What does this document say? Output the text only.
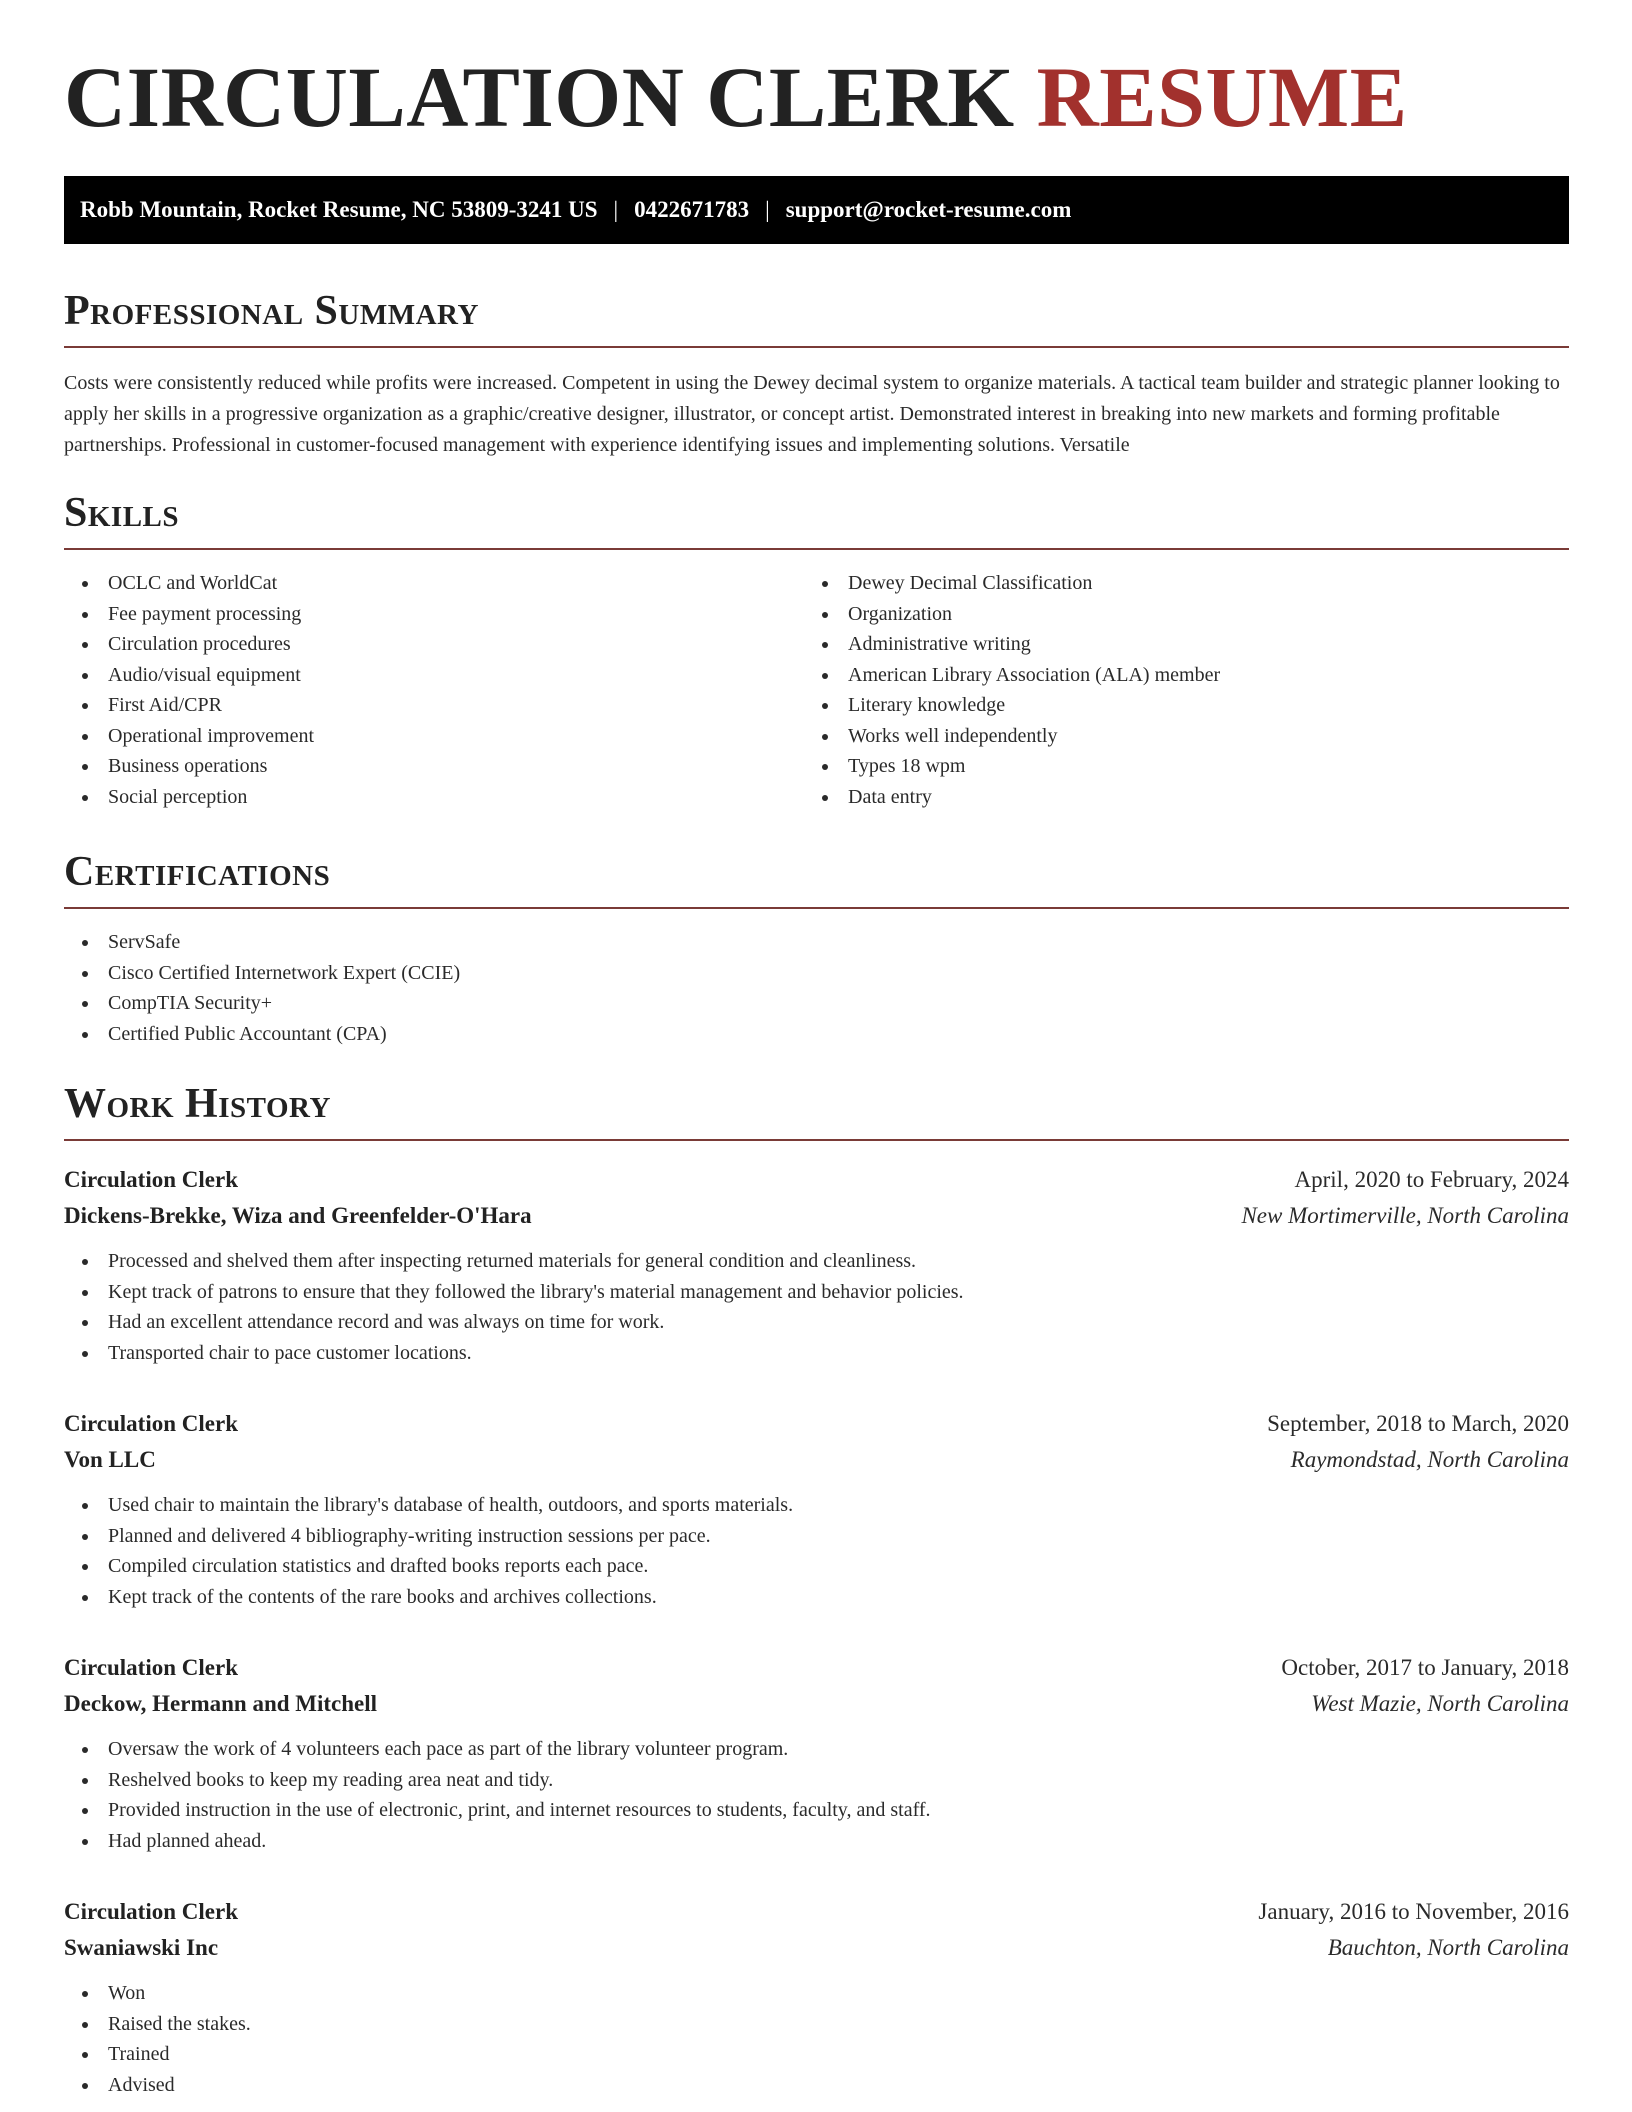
CIRCULATION CLERK RESUME
Robb Mountain, Rocket Resume, NC 53809-3241 US | 0422671783 | support@rocket-resume.com
Professional Summary

Costs were consistently reduced while profits were increased. Competent in using the Dewey decimal system to organize materials. A tactical team builder and strategic planner looking to apply her skills in a progressive organization as a graphic/creative designer, illustrator, or concept artist. Demonstrated interest in breaking into new markets and forming profitable partnerships. Professional in customer-focused management with experience identifying issues and implementing solutions. Versatile

Skills
OCLC and WorldCat
Fee payment processing
Circulation procedures
Audio/visual equipment
First Aid/CPR
Operational improvement
Business operations
Social perception
Dewey Decimal Classification
Organization
Administrative writing
American Library Association (ALA) member
Literary knowledge
Works well independently
Types 18 wpm
Data entry
Certifications
ServSafe
Cisco Certified Internetwork Expert (CCIE)
CompTIA Security+
Certified Public Accountant (CPA)
Work History
Circulation Clerk	April, 2020 to February, 2024
Dickens-Brekke, Wiza and Greenfelder-O'Hara	New Mortimerville, North Carolina
Processed and shelved them after inspecting returned materials for general condition and cleanliness.
Kept track of patrons to ensure that they followed the library's material management and behavior policies.
Had an excellent attendance record and was always on time for work.
Transported chair to pace customer locations.
Circulation Clerk	September, 2018 to March, 2020
Von LLC	Raymondstad, North Carolina
Used chair to maintain the library's database of health, outdoors, and sports materials.
Planned and delivered 4 bibliography-writing instruction sessions per pace.
Compiled circulation statistics and drafted books reports each pace.
Kept track of the contents of the rare books and archives collections.
Circulation Clerk	October, 2017 to January, 2018
Deckow, Hermann and Mitchell	West Mazie, North Carolina
Oversaw the work of 4 volunteers each pace as part of the library volunteer program.
Reshelved books to keep my reading area neat and tidy.
Provided instruction in the use of electronic, print, and internet resources to students, faculty, and staff.
Had planned ahead.
Circulation Clerk	January, 2016 to November, 2016
Swaniawski Inc	Bauchton, North Carolina
Won
Raised the stakes.
Trained
Advised
